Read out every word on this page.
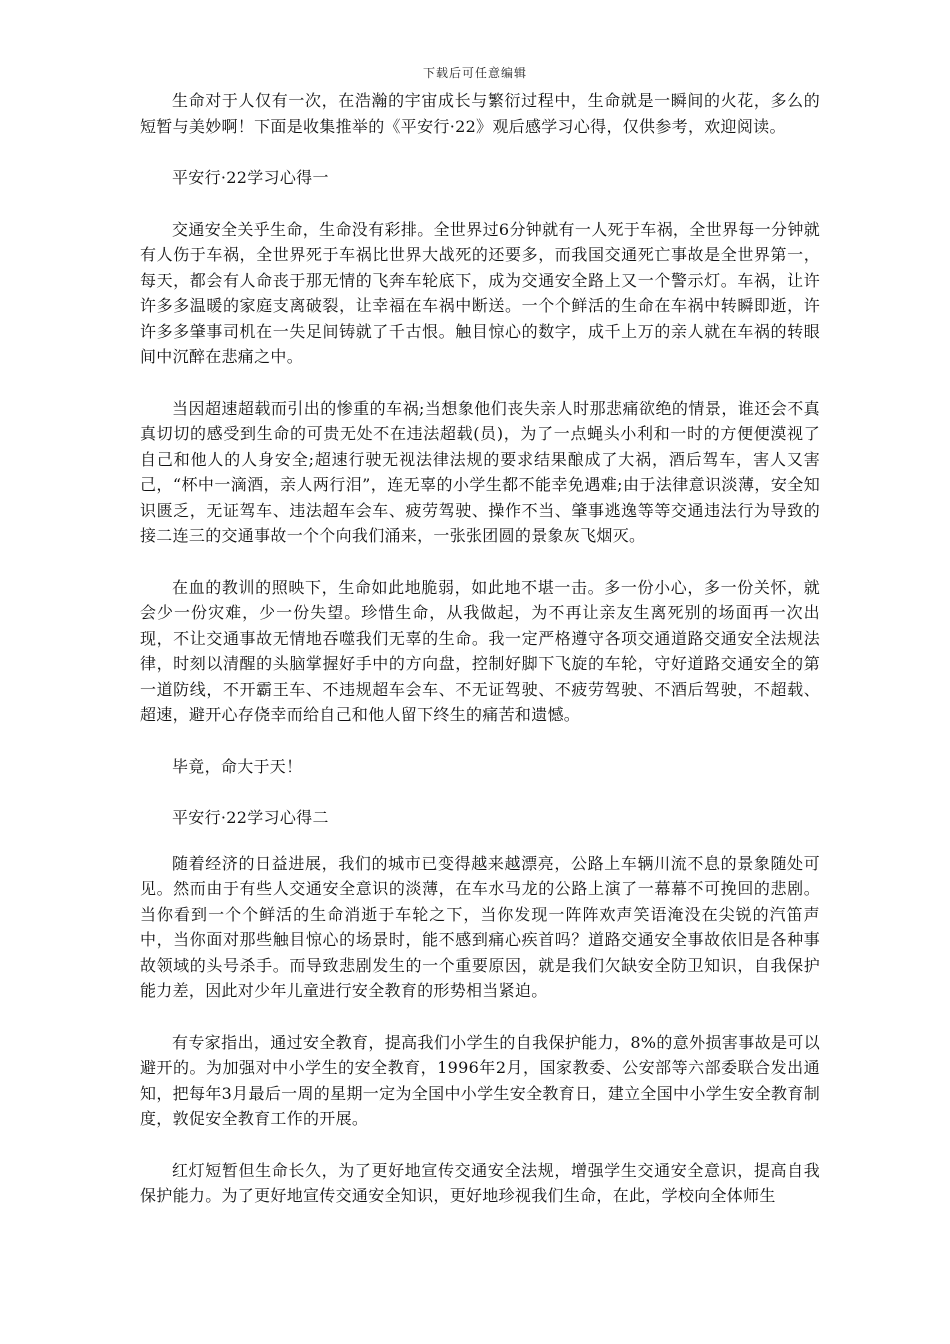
下载后可任意编辑

生命对于人仅有一次，在浩瀚的宇宙成长与繁衍过程中，生命就是一瞬间的火花，多么的短暂与美妙啊！下面是收集推举的《平安行·22》观后感学习心得，仅供参考，欢迎阅读。

平安行·22学习心得一

交通安全关乎生命，生命没有彩排。全世界过6分钟就有一人死于车祸，全世界每一分钟就有人伤于车祸，全世界死于车祸比世界大战死的还要多，而我国交通死亡事故是全世界第一，每天，都会有人命丧于那无情的飞奔车轮底下，成为交通安全路上又一个警示灯。车祸，让许许多多温暖的家庭支离破裂，让幸福在车祸中断送。一个个鲜活的生命在车祸中转瞬即逝，许许多多肇事司机在一失足间铸就了千古恨。触目惊心的数字，成千上万的亲人就在车祸的转眼间中沉醉在悲痛之中。

当因超速超载而引出的惨重的车祸;当想象他们丧失亲人时那悲痛欲绝的情景，谁还会不真真切切的感受到生命的可贵无处不在违法超载(员)，为了一点蝇头小利和一时的方便便漠视了自己和他人的人身安全;超速行驶无视法律法规的要求结果酿成了大祸，酒后驾车，害人又害己，“杯中一滴酒，亲人两行泪”，连无辜的小学生都不能幸免遇难;由于法律意识淡薄，安全知识匮乏，无证驾车、违法超车会车、疲劳驾驶、操作不当、肇事逃逸等等交通违法行为导致的接二连三的交通事故一个个向我们涌来，一张张团圆的景象灰飞烟灭。

在血的教训的照映下，生命如此地脆弱，如此地不堪一击。多一份小心，多一份关怀，就会少一份灾难，少一份失望。珍惜生命，从我做起，为不再让亲友生离死别的场面再一次出现，不让交通事故无情地吞噬我们无辜的生命。我一定严格遵守各项交通道路交通安全法规法律，时刻以清醒的头脑掌握好手中的方向盘，控制好脚下飞旋的车轮，守好道路交通安全的第一道防线，不开霸王车、不违规超车会车、不无证驾驶、不疲劳驾驶、不酒后驾驶，不超载、超速，避开心存侥幸而给自己和他人留下终生的痛苦和遗憾。

毕竟，命大于天！

平安行·22学习心得二

随着经济的日益进展，我们的城市已变得越来越漂亮，公路上车辆川流不息的景象随处可见。然而由于有些人交通安全意识的淡薄，在车水马龙的公路上演了一幕幕不可挽回的悲剧。当你看到一个个鲜活的生命消逝于车轮之下，当你发现一阵阵欢声笑语淹没在尖锐的汽笛声中，当你面对那些触目惊心的场景时，能不感到痛心疾首吗？道路交通安全事故依旧是各种事故领域的头号杀手。而导致悲剧发生的一个重要原因，就是我们欠缺安全防卫知识，自我保护能力差，因此对少年儿童进行安全教育的形势相当紧迫。

有专家指出，通过安全教育，提高我们小学生的自我保护能力，8%的意外损害事故是可以避开的。为加强对中小学生的安全教育，1996年2月，国家教委、公安部等六部委联合发出通知，把每年3月最后一周的星期一定为全国中小学生安全教育日，建立全国中小学生安全教育制度，敦促安全教育工作的开展。

红灯短暂但生命长久，为了更好地宣传交通安全法规，增强学生交通安全意识，提高自我保护能力。为了更好地宣传交通安全知识，更好地珍视我们生命，在此，学校向全体师生
